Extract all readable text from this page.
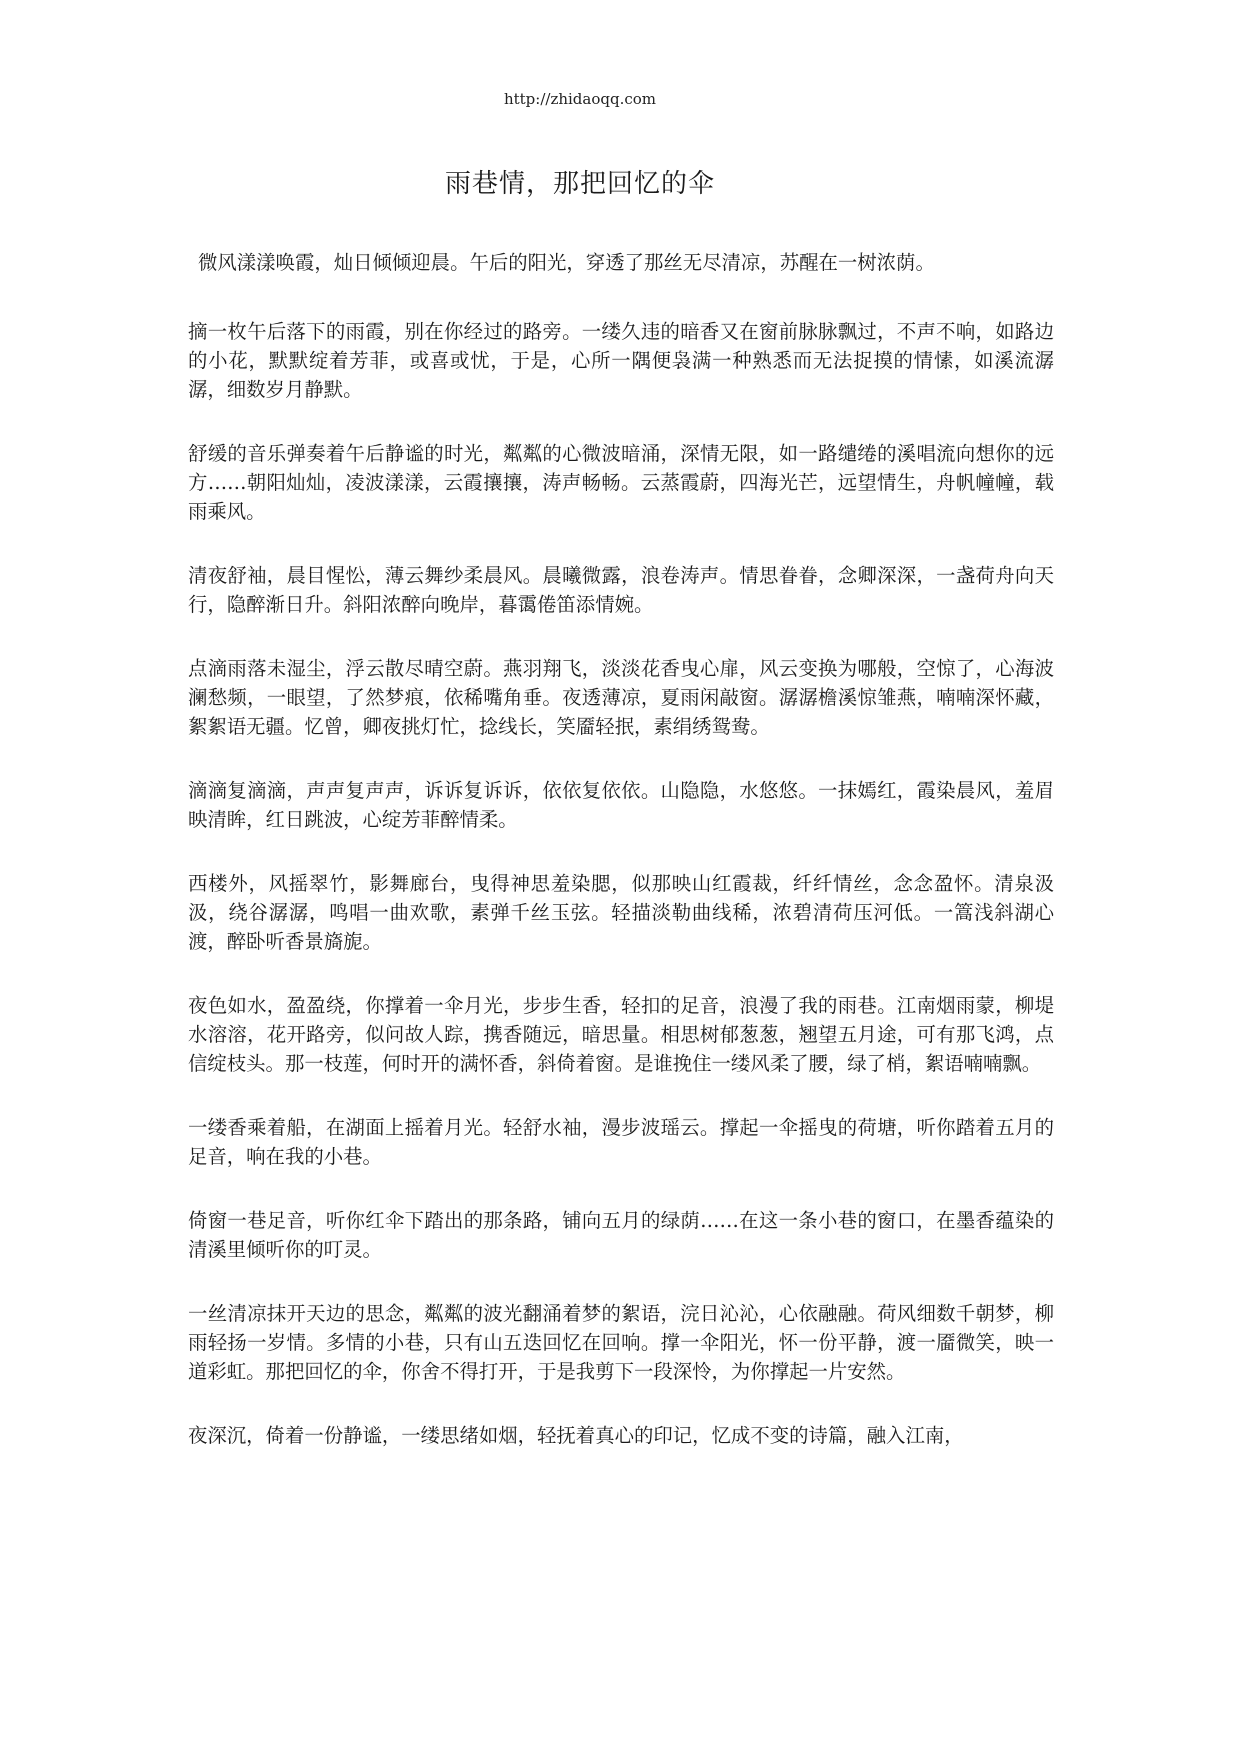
http://zhidaoqq.com
雨巷情，那把回忆的伞

微风漾漾唤霞，灿日倾倾迎晨。午后的阳光，穿透了那丝无尽清凉，苏醒在一树浓荫。

摘一枚午后落下的雨霞，别在你经过的路旁。一缕久违的暗香又在窗前脉脉飘过，不声不响，如路边的小花，默默绽着芳菲，或喜或忧，于是，心所一隅便袅满一种熟悉而无法捉摸的情愫，如溪流潺潺，细数岁月静默。

舒缓的音乐弹奏着午后静谧的时光，粼粼的心微波暗涌，深情无限，如一路缱绻的溪唱流向想你的远方……朝阳灿灿，凌波漾漾，云霞攘攘，涛声畅畅。云蒸霞蔚，四海光芒，远望情生，舟帆幢幢，载雨乘风。

清夜舒袖，晨目惺忪，薄云舞纱柔晨风。晨曦微露，浪卷涛声。情思眷眷，念卿深深，一盏荷舟向天行，隐醉渐日升。斜阳浓醉向晚岸，暮霭倦笛添情婉。

点滴雨落未湿尘，浮云散尽晴空蔚。燕羽翔飞，淡淡花香曳心扉，风云变换为哪般，空惊了，心海波澜愁频，一眼望，了然梦痕，依稀嘴角垂。夜透薄凉，夏雨闲敲窗。潺潺檐溪惊雏燕，喃喃深怀藏，絮絮语无疆。忆曾，卿夜挑灯忙，捻线长，笑靥轻抿，素绢绣鸳鸯。

滴滴复滴滴，声声复声声，诉诉复诉诉，依依复依依。山隐隐，水悠悠。一抹嫣红，霞染晨风，羞眉映清眸，红日跳波，心绽芳菲醉情柔。

西楼外，风摇翠竹，影舞廊台，曳得神思羞染腮，似那映山红霞裁，纤纤情丝，念念盈怀。清泉汲汲，绕谷潺潺，鸣唱一曲欢歌，素弹千丝玉弦。轻描淡勒曲线稀，浓碧清荷压河低。一篙浅斜湖心渡，醉卧听香景旖旎。

夜色如水，盈盈绕，你撑着一伞月光，步步生香，轻扣的足音，浪漫了我的雨巷。江南烟雨蒙，柳堤水溶溶，花开路旁，似问故人踪，携香随远，暗思量。相思树郁葱葱，翘望五月途，可有那飞鸿，点信绽枝头。那一枝莲，何时开的满怀香，斜倚着窗。是谁挽住一缕风柔了腰，绿了梢，絮语喃喃飘。

一缕香乘着船，在湖面上摇着月光。轻舒水袖，漫步波瑶云。撑起一伞摇曳的荷塘，听你踏着五月的足音，响在我的小巷。

倚窗一巷足音，听你红伞下踏出的那条路，铺向五月的绿荫……在这一条小巷的窗口，在墨香蕴染的清溪里倾听你的叮灵。

一丝清凉抹开天边的思念，粼粼的波光翻涌着梦的絮语，浣日沁沁，心依融融。荷风细数千朝梦，柳雨轻扬一岁情。多情的小巷，只有山五迭回忆在回响。撑一伞阳光，怀一份平静，渡一靥微笑，映一道彩虹。那把回忆的伞，你舍不得打开，于是我剪下一段深怜，为你撑起一片安然。

夜深沉，倚着一份静谧，一缕思绪如烟，轻抚着真心的印记，忆成不变的诗篇，融入江南，
